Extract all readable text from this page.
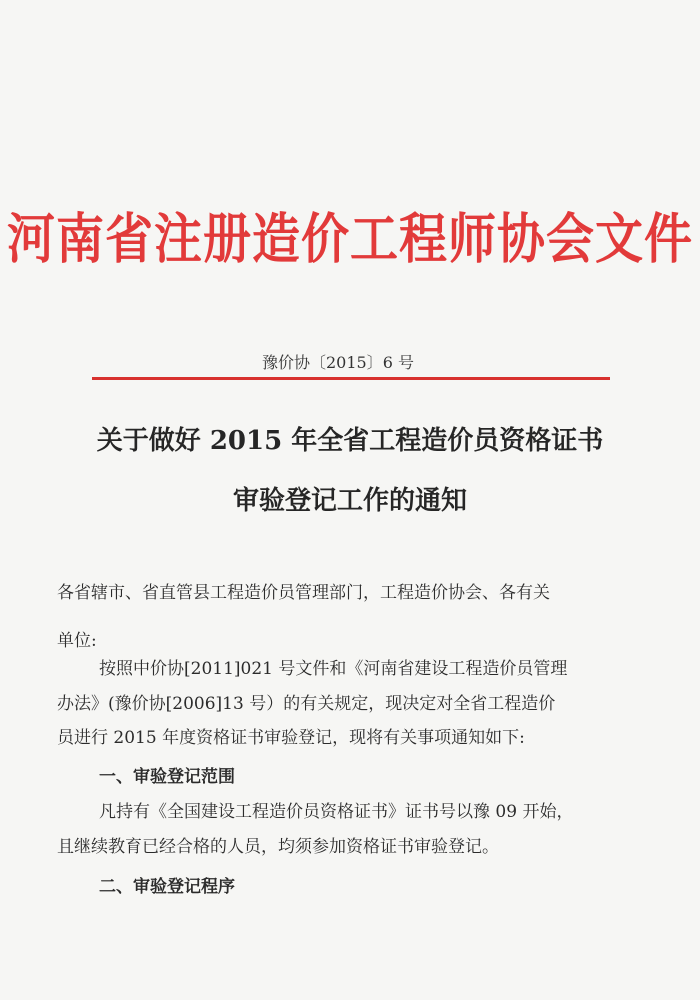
河南省注册造价工程师协会文件
豫价协〔2015〕6 号
关于做好 2015 年全省工程造价员资格证书
审验登记工作的通知
各省辖市、省直管县工程造价员管理部门，工程造价协会、各有关
单位:
按照中价协[2011]021 号文件和《河南省建设工程造价员管理
办法》(豫价协[2006]13 号）的有关规定，现决定对全省工程造价
员进行 2015 年度资格证书审验登记，现将有关事项通知如下:
一、审验登记范围
凡持有《全国建设工程造价员资格证书》证书号以豫 09 开始，
且继续教育已经合格的人员，均须参加资格证书审验登记。
二、审验登记程序
